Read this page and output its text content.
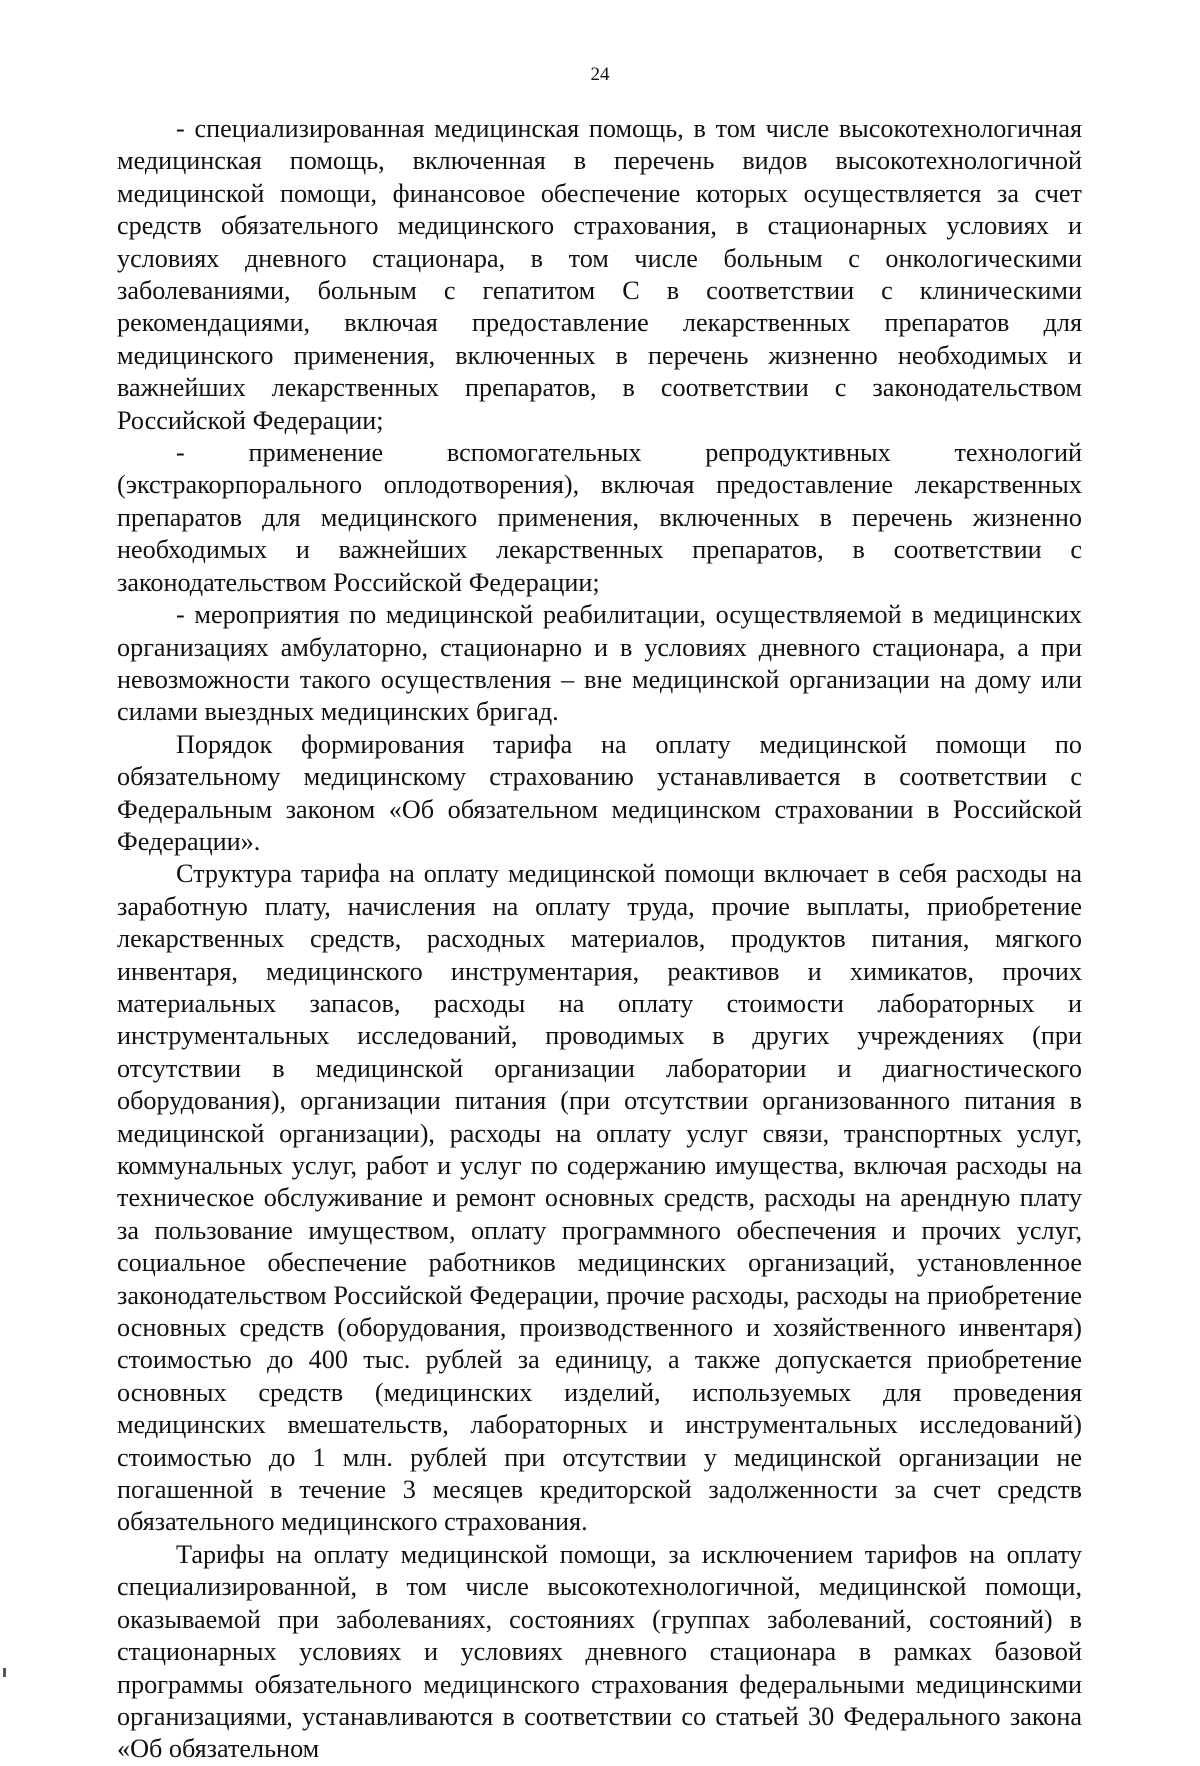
24

- специализированная медицинская помощь, в том числе высокотехнологичная медицинская помощь, включенная в перечень видов высокотехнологичной медицинской помощи, финансовое обеспечение которых осуществляется за счет средств обязательного медицинского страхования, в стационарных условиях и условиях дневного стационара, в том числе больным с онкологическими заболеваниями, больным с гепатитом С в соответствии с клиническими рекомендациями, включая предоставление лекарственных препаратов для медицинского применения, включенных в перечень жизненно необходимых и важнейших лекарственных препаратов, в соответствии с законодательством Российской Федерации;

- применение вспомогательных репродуктивных технологий (экстракорпорального оплодотворения), включая предоставление лекарственных препаратов для медицинского применения, включенных в перечень жизненно необходимых и важнейших лекарственных препаратов, в соответствии с законодательством Российской Федерации;

- мероприятия по медицинской реабилитации, осуществляемой в медицинских организациях амбулаторно, стационарно и в условиях дневного стационара, а при невозможности такого осуществления – вне медицинской организации на дому или силами выездных медицинских бригад.

Порядок формирования тарифа на оплату медицинской помощи по обязательному медицинскому страхованию устанавливается в соответствии с Федеральным законом «Об обязательном медицинском страховании в Российской Федерации».

Структура тарифа на оплату медицинской помощи включает в себя расходы на заработную плату, начисления на оплату труда, прочие выплаты, приобретение лекарственных средств, расходных материалов, продуктов питания, мягкого инвентаря, медицинского инструментария, реактивов и химикатов, прочих материальных запасов, расходы на оплату стоимости лабораторных и инструментальных исследований, проводимых в других учреждениях (при отсутствии в медицинской организации лаборатории и диагностического оборудования), организации питания (при отсутствии организованного питания в медицинской организации), расходы на оплату услуг связи, транспортных услуг, коммунальных услуг, работ и услуг по содержанию имущества, включая расходы на техническое обслуживание и ремонт основных средств, расходы на арендную плату за пользование имуществом, оплату программного обеспечения и прочих услуг, социальное обеспечение работников медицинских организаций, установленное законодательством Российской Федерации, прочие расходы, расходы на приобретение основных средств (оборудования, производственного и хозяйственного инвентаря) стоимостью до 400 тыс. рублей за единицу, а также допускается приобретение основных средств (медицинских изделий, используемых для проведения медицинских вмешательств, лабораторных и инструментальных исследований) стоимостью до 1 млн. рублей при отсутствии у медицинской организации не погашенной в течение 3 месяцев кредиторской задолженности за счет средств обязательного медицинского страхования.

Тарифы на оплату медицинской помощи, за исключением тарифов на оплату специализированной, в том числе высокотехнологичной, медицинской помощи, оказываемой при заболеваниях, состояниях (группах заболеваний, состояний) в стационарных условиях и условиях дневного стационара в рамках базовой программы обязательного медицинского страхования федеральными медицинскими организациями, устанавливаются в соответствии со статьей 30 Федерального закона «Об обязательном
